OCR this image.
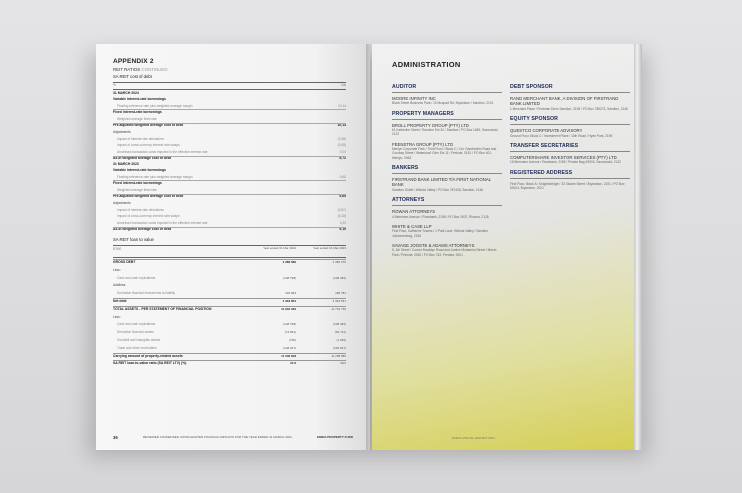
APPENDIX 2
REIT RATIOS CONTINUED
SA REIT cost of debt
%	Dal
31 MARCH 2024
Variable interest-rate borrowings
Floating reference rate plus weighted average margin	10,14
Fixed interest-rate borrowings
Weighted average fixed rate
Pre-adjusted weighted average cost of debt	10,14
Adjustments
Impact of interest rate derivatives	(0,38)
Impact of cross-currency interest rate swaps	(0,08)
Amortised transaction costs imputed in the effective interest rate	0,04
All-in weighted average cost of debt	9,72
31 MARCH 2023
Variable interest-rate borrowings
Floating reference rate plus weighted average margin	9,65
Fixed interest-rate borrowings
Weighted average fixed rate
Pre-adjusted weighted average cost of debt	9,65
Adjustments
Impact of interest rate derivatives	(0,57)
Impact of cross-currency interest rate swaps	(0,18)
Amortised transaction costs imputed in the effective interest rate	0,20
All-in weighted average cost of debt	9,10
SA REIT loan to value
R'000	Year ended 31 Mar 2024	Year ended 31 Mar 2023
GROSS DEBT	4 288 689	4 386 270
Less:
Cash and cash equivalents	(148 798)	(228 484)
Add/less:
Derivative financial instruments to liability	193 963	185 781
Net debt	4 333 854	4 343 567
TOTAL ASSETS - PER STATEMENT OF FINANCIAL POSITION	11 904 349	11 791 726
Less:
Cash and cash equivalents	(148 798)	(228 484)
Derivative financial assets	(73 891)	(84 711)
Goodwill and intangible assets	(796)	(1 029)
Trade and other receivables	(148 047)	(218 547)
Carrying amount of property-related assets	11 532 818	11 258 985
SA REIT loan-to-value ratio (SA REIT LTV) (%)	37,6	38,6
36	REVIEWED CONDENSED CONSOLIDATED FINANCIAL RESULTS FOR THE YEAR ENDED 31 MARCH 2024	EMIRA PROPERTY FUND
ADMINISTRATION
AUDITOR
MOORE INFINITY INC
Block Street Business Park / 10 Mcquad Rd, Bryanston / Sandton, 2191
PROPERTY MANAGERS
BROLL PROPERTY GROUP (PTY) LTD
61 Katherine Street / Sandton Ext 34 / Sandton / PO Box 1455, Saxonwold, 2132
FEENSTRA GROUP (PTY) LTD
Menlyn Corporate Park / Third Floor / Block C / Cnr Garsfontein Road and Corobay Street / Waterkloof Glen Ext 11 / Pretoria, 0181 / PO Box 401, Menlyn, 0063
BANKERS
FIRSTRAND BANK LIMITED T/A FIRST NATIONAL BANK
Sandton Outlet / Wierda Valley / PO Box 787428, Sandton, 2146
ATTORNEYS
ROWAN ATTORNEYS
4 Biermann Avenue / Rosebank, 2196 / PO Box 1907, Rivonia, 2128
WHITE & CASE LLP
First Floor, Katherine Towers / 1 Park Lane, Wierda Valley / Sandton, Johannesburg, 2196
SAVAGE JOOSTE & ADAMS ATTORNEYS
5, 1th Street / Corner Brooklyn Road and Justice Mohamed Street / Menlo Park / Pretoria, 0081 / PO Box 743, Pretoria, 0001
DEBT SPONSOR
RAND MERCHANT BANK, A DIVISION OF FIRSTRAND BANK LIMITED
1 Merchant Place / Fredman Drive Sandton, 2196 / PO Box 786273, Sandton, 2146
EQUITY SPONSOR
QUESTCO CORPORATE ADVISORY
Ground Floor, Block C / Investment Place / 10th Road / Hyde Park, 2196
TRANSFER SECRETARIES
COMPUTERSHARE INVESTOR SERVICES (PTY) LTD
15 Biermann Avenue / Rosebank, 2196 / Private Bag X9000, Saxonwold, 2132
REGISTERED ADDRESS
First Floor, Block A / Knightsbridge / 33 Sloane Street / Bryanston, 2191 / PO Box 69104, Bryanston, 2021
EMIRA ANNUAL REPORT 2024
